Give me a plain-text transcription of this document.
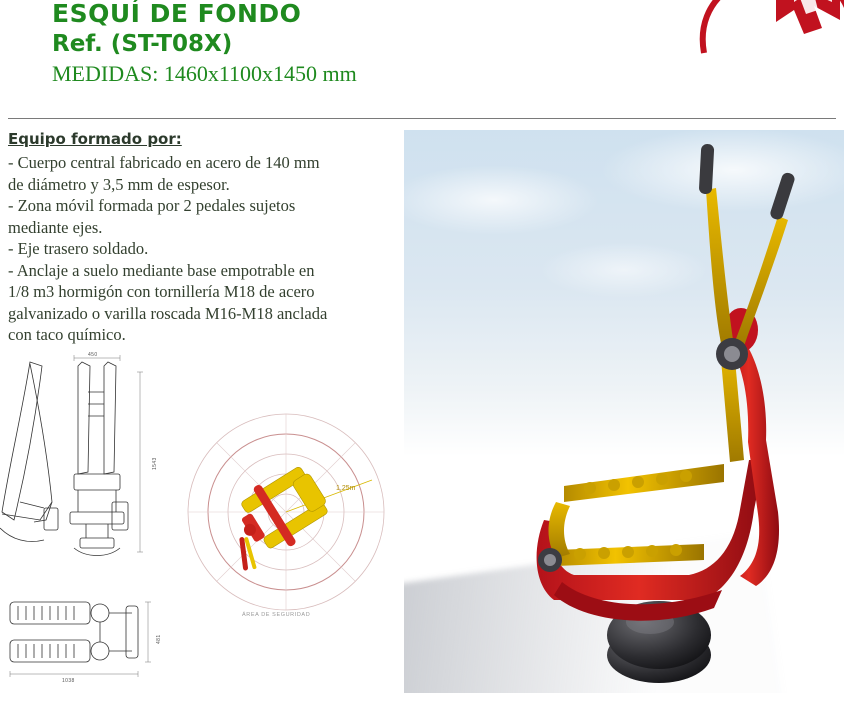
ESQUÍ DE FONDO
Ref. (ST-T08X)
MEDIDAS: 1460x1100x1450 mm
Equipo formado por:
- Cuerpo central fabricado en acero de 140 mm
de diámetro y 3,5 mm de espesor.
- Zona móvil formada por 2 pedales sujetos
mediante ejes.
- Eje trasero soldado.
- Anclaje a suelo mediante base empotrable en
1/8 m3 hormigón con tornillería M18 de acero
galvanizado o varilla roscada M16-M18 anclada
con taco químico.
450
1543
1038
481
1,25m
ÁREA DE SEGURIDAD
